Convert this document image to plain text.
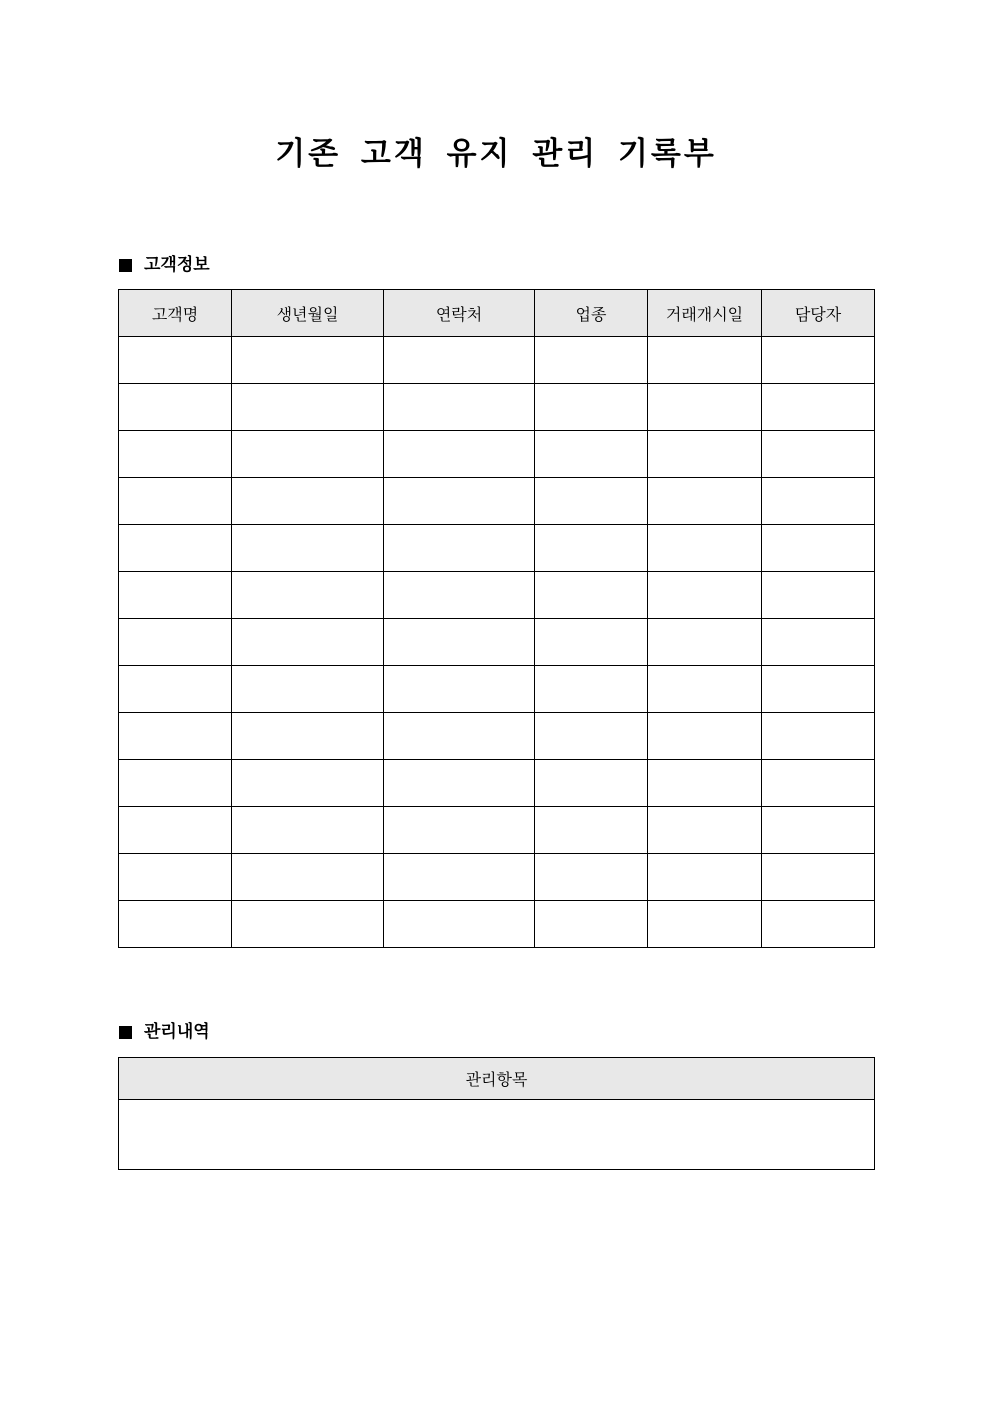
기존 고객 유지 관리 기록부
고객정보
고객명	생년월일	연락처	업종	거래개시일	담당자

관리내역
관리항목
